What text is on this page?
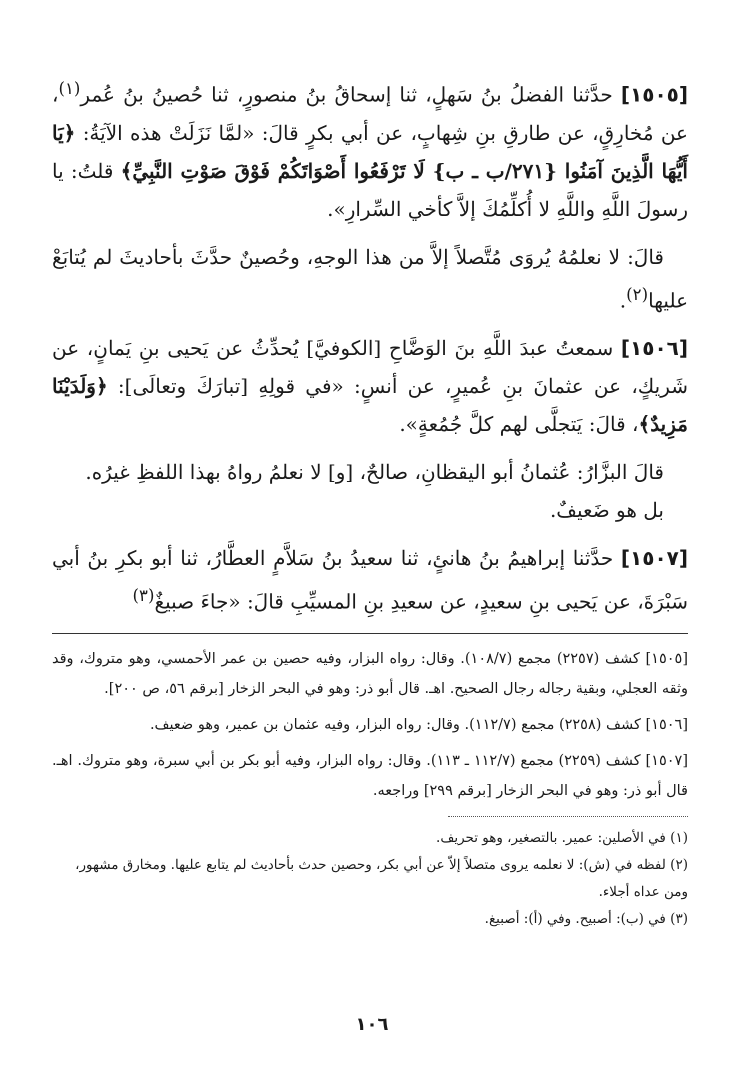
[١٥٠٥] حدَّثنا الفضلُ بنُ سَهلٍ، ثنا إسحاقُ بنُ منصورٍ، ثنا حُصينُ بنُ عُمر$^{(١)}$، عن مُخارِقٍ، عن طارقِ بنِ شِهابٍ، عن أبي بكرٍ قالَ: «لمَّا نَزَلَتْ هذه الآيَةُ: ﴿يَا أَيُّهَا الَّذِينَ آمَنُوا {٢٧١/ب ـ ب} لَا تَرْفَعُوا أَصْوَاتَكُمْ فَوْقَ صَوْتِ النَّبِيِّ﴾ قلتُ: يا رسولَ اللَّهِ واللَّهِ لا أُكلِّمُكَ إلاَّ كأخي السِّرارِ».

قالَ: لا نعلمُهُ يُروَى مُتَّصلاً إلاَّ من هذا الوجهِ، وحُصينٌ حدَّثَ بأحاديثَ لم يُتابَعْ عليها$^{(٢)}$.

[١٥٠٦] سمعتُ عبدَ اللَّهِ بنَ الوَضَّاحِ [الكوفيَّ] يُحدِّثُ عن يَحيى بنِ يَمانٍ، عن شَريكٍ، عن عثمانَ بنِ عُميرٍ، عن أنسٍ: «في قولِهِ [تبارَكَ وتعالَى]: ﴿وَلَدَيْنَا مَزِيدٌ﴾، قالَ: يَتجلَّى لهم كلَّ جُمُعةٍ».

قالَ البزَّارُ: عُثمانُ أبو اليقظانِ، صالحٌ، [و] لا نعلمُ رواهُ بهذا اللفظِ غيرُه.

بل هو ضَعيفٌ.

[١٥٠٧] حدَّثنا إبراهيمُ بنُ هانئٍ، ثنا سعيدُ بنُ سَلاَّمٍ العطَّارُ، ثنا أبو بكرِ بنُ أبي سَبْرَةَ، عن يَحيى بنِ سعيدٍ، عن سعيدِ بنِ المسيِّبِ قالَ: «جاءَ صبيغٌ$^{(٣)}$

[١٥٠٥] كشف (٢٢٥٧) مجمع (١٠٨/٧). وقال: رواه البزار، وفيه حصين بن عمر الأحمسي، وهو متروك، وقد وثقه العجلي، وبقية رجاله رجال الصحيح. اهـ. قال أبو ذر: وهو في البحر الزخار [برقم ٥٦، ص ٢٠٠].

[١٥٠٦] كشف (٢٢٥٨) مجمع (١١٢/٧). وقال: رواه البزار، وفيه عثمان بن عمير، وهو ضعيف.

[١٥٠٧] كشف (٢٢٥٩) مجمع (١١٢/٧ ـ ١١٣). وقال: رواه البزار، وفيه أبو بكر بن أبي سبرة، وهو متروك. اهـ. قال أبو ذر: وهو في البحر الزخار [برقم ٢٩٩] وراجعه.

(١) في الأصلين: عمير. بالتصغير، وهو تحريف.
(٢) لفظه في (ش): لا نعلمه يروى متصلاً إلاّ عن أبي بكر، وحصين حدث بأحاديث لم يتابع عليها. ومخارق مشهور، ومن عداه أجلاء.
(٣) في (ب): أصبيح. وفي (أ): أصبيغ.
١٠٦
